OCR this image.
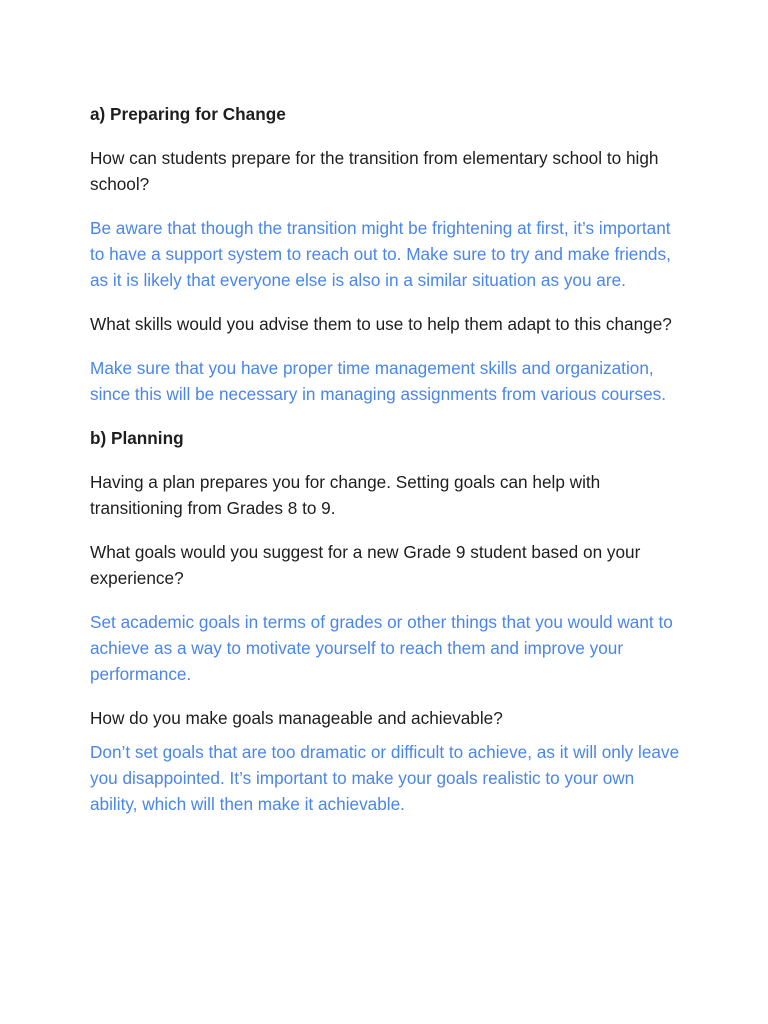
a) Preparing for Change

How can students prepare for the transition from elementary school to high school?

Be aware that though the transition might be frightening at first, it’s important to have a support system to reach out to. Make sure to try and make friends, as it is likely that everyone else is also in a similar situation as you are.

What skills would you advise them to use to help them adapt to this change?

Make sure that you have proper time management skills and organization, since this will be necessary in managing assignments from various courses.

b) Planning

Having a plan prepares you for change. Setting goals can help with transitioning from Grades 8 to 9.

What goals would you suggest for a new Grade 9 student based on your experience?

Set academic goals in terms of grades or other things that you would want to achieve as a way to motivate yourself to reach them and improve your performance.

How do you make goals manageable and achievable?

Don’t set goals that are too dramatic or difficult to achieve, as it will only leave you disappointed. It’s important to make your goals realistic to your own ability, which will then make it achievable.
